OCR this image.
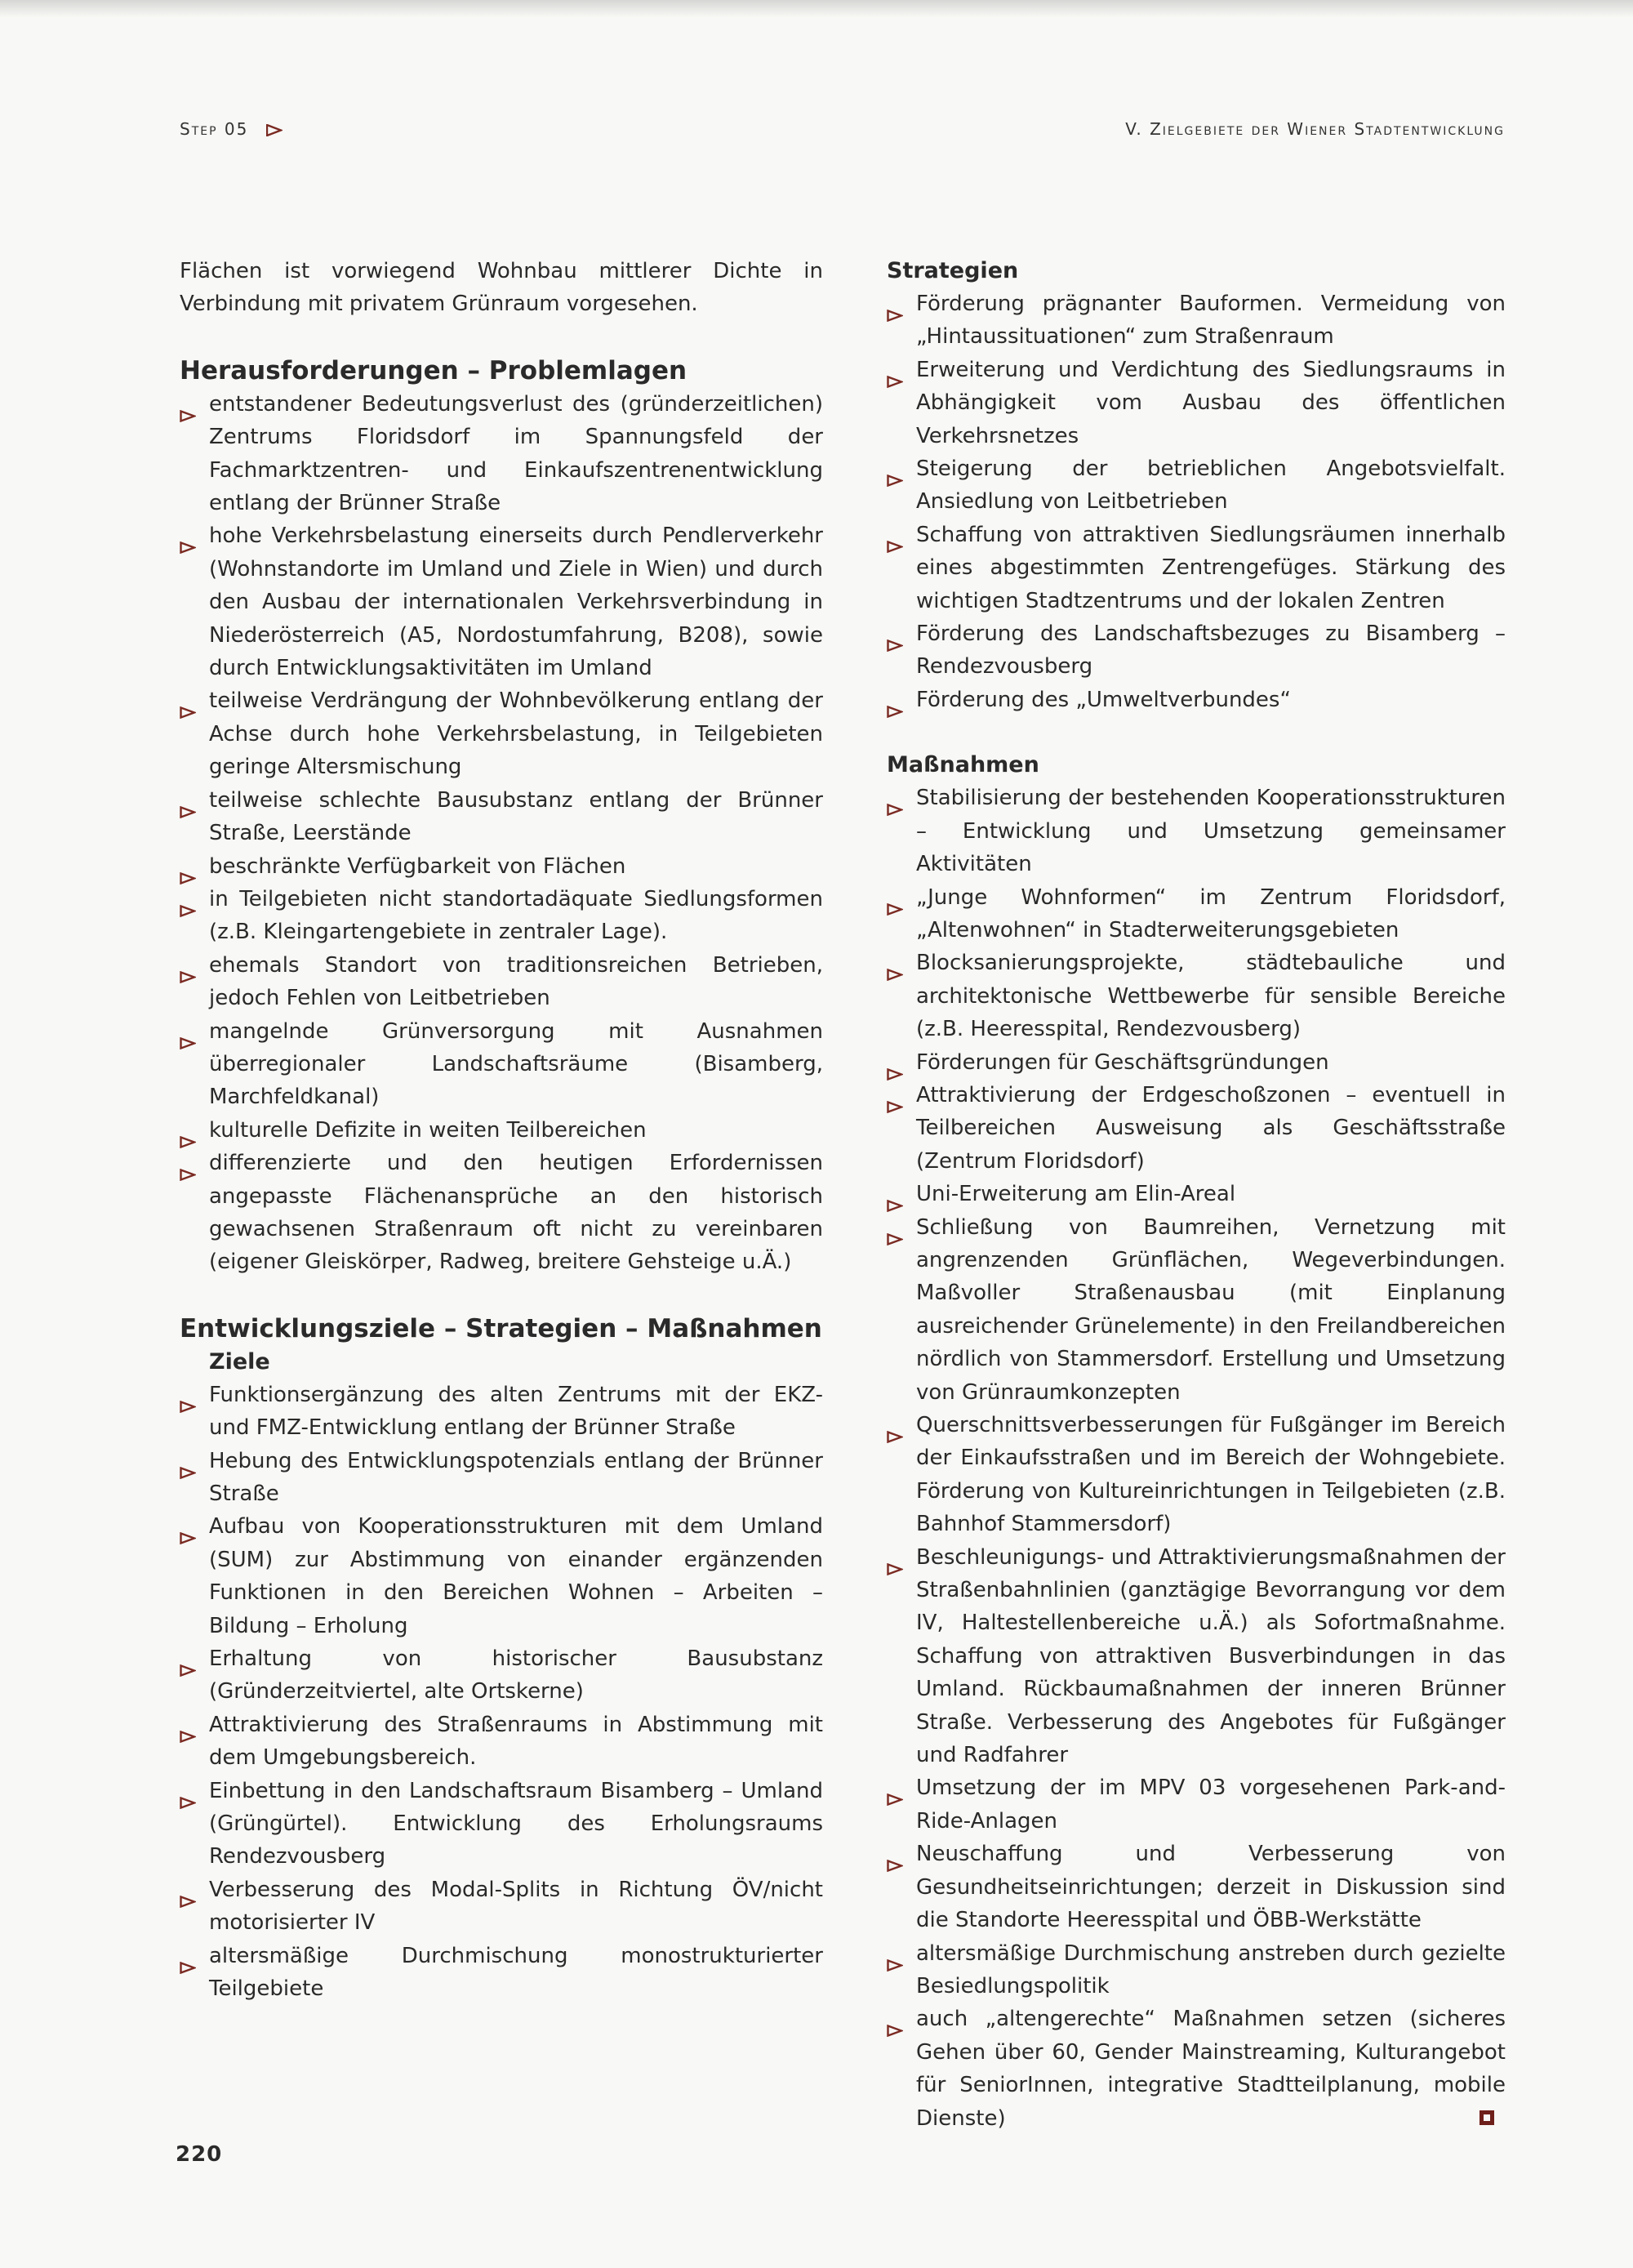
Step 05	V. Zielgebiete der Wiener Stadtentwicklung

Flächen ist vorwiegend Wohnbau mittlerer Dichte in Verbindung mit privatem Grünraum vorgesehen.

Herausforderungen – Problemlagen
entstandener Bedeutungsverlust des (gründerzeitlichen) Zentrums Floridsdorf im Spannungsfeld der Fachmarktzentren- und Einkaufszentrenentwicklung entlang der Brünner Straße
hohe Verkehrsbelastung einerseits durch Pendlerverkehr (Wohnstandorte im Umland und Ziele in Wien) und durch den Ausbau der internationalen Verkehrsverbindung in Niederösterreich (A5, Nordostumfahrung, B208), sowie durch Entwicklungsaktivitäten im Umland
teilweise Verdrängung der Wohnbevölkerung entlang der Achse durch hohe Verkehrsbelastung, in Teilgebieten geringe Altersmischung
teilweise schlechte Bausubstanz entlang der Brünner Straße, Leerstände
beschränkte Verfügbarkeit von Flächen
in Teilgebieten nicht standortadäquate Siedlungsformen (z.B. Kleingartengebiete in zentraler Lage).
ehemals Standort von traditionsreichen Betrieben, jedoch Fehlen von Leitbetrieben
mangelnde Grünversorgung mit Ausnahmen überregionaler Landschaftsräume (Bisamberg, Marchfeldkanal)
kulturelle Defizite in weiten Teilbereichen
differenzierte und den heutigen Erfordernissen angepasste Flächenansprüche an den historisch gewachsenen Straßenraum oft nicht zu vereinbaren (eigener Gleiskörper, Radweg, breitere Gehsteige u.Ä.)
Entwicklungsziele – Strategien – Maßnahmen
Ziele
Funktionsergänzung des alten Zentrums mit der EKZ- und FMZ-Entwicklung entlang der Brünner Straße
Hebung des Entwicklungspotenzials entlang der Brünner Straße
Aufbau von Kooperationsstrukturen mit dem Umland (SUM) zur Abstimmung von einander ergänzenden Funktionen in den Bereichen Wohnen – Arbeiten – Bildung – Erholung
Erhaltung von historischer Bausubstanz (Gründerzeitviertel, alte Ortskerne)
Attraktivierung des Straßenraums in Abstimmung mit dem Umgebungsbereich.
Einbettung in den Landschaftsraum Bisamberg – Umland (Grüngürtel). Entwicklung des Erholungsraums Rendezvousberg
Verbesserung des Modal-Splits in Richtung ÖV/nicht motorisierter IV
altersmäßige Durchmischung monostrukturierter Teilgebiete
Strategien
Förderung prägnanter Bauformen. Vermeidung von „Hintaussituationen“ zum Straßenraum
Erweiterung und Verdichtung des Siedlungsraums in Abhängigkeit vom Ausbau des öffentlichen Verkehrsnetzes
Steigerung der betrieblichen Angebotsvielfalt. Ansiedlung von Leitbetrieben
Schaffung von attraktiven Siedlungsräumen innerhalb eines abgestimmten Zentrengefüges. Stärkung des wichtigen Stadtzentrums und der lokalen Zentren
Förderung des Landschaftsbezuges zu Bisamberg – Rendezvousberg
Förderung des „Umweltverbundes“
Maßnahmen
Stabilisierung der bestehenden Kooperationsstrukturen – Entwicklung und Umsetzung gemeinsamer Aktivitäten
„Junge Wohnformen“ im Zentrum Floridsdorf, „Altenwohnen“ in Stadterweiterungsgebieten
Blocksanierungsprojekte, städtebauliche und architektonische Wettbewerbe für sensible Bereiche (z.B. Heeresspital, Rendezvousberg)
Förderungen für Geschäftsgründungen
Attraktivierung der Erdgeschoßzonen – eventuell in Teilbereichen Ausweisung als Geschäftsstraße (Zentrum Floridsdorf)
Uni-Erweiterung am Elin-Areal
Schließung von Baumreihen, Vernetzung mit angrenzenden Grünflächen, Wegeverbindungen. Maßvoller Straßenausbau (mit Einplanung ausreichender Grünelemente) in den Freilandbereichen nördlich von Stammersdorf. Erstellung und Umsetzung von Grünraumkonzepten
Querschnittsverbesserungen für Fußgänger im Bereich der Einkaufsstraßen und im Bereich der Wohngebiete. Förderung von Kultureinrichtungen in Teilgebieten (z.B. Bahnhof Stammersdorf)
Beschleunigungs- und Attraktivierungsmaßnahmen der Straßenbahnlinien (ganztägige Bevorrangung vor dem IV, Haltestellenbereiche u.Ä.) als Sofortmaßnahme. Schaffung von attraktiven Busverbindungen in das Umland. Rückbaumaßnahmen der inneren Brünner Straße. Verbesserung des Angebotes für Fußgänger und Radfahrer
Umsetzung der im MPV 03 vorgesehenen Park-and-Ride-Anlagen
Neuschaffung und Verbesserung von Gesundheitseinrichtungen; derzeit in Diskussion sind die Standorte Heeresspital und ÖBB-Werkstätte
altersmäßige Durchmischung anstreben durch gezielte Besiedlungspolitik
auch „altengerechte“ Maßnahmen setzen (sicheres Gehen über 60, Gender Mainstreaming, Kulturangebot für SeniorInnen, integrative Stadtteilplanung, mobile Dienste)
220
